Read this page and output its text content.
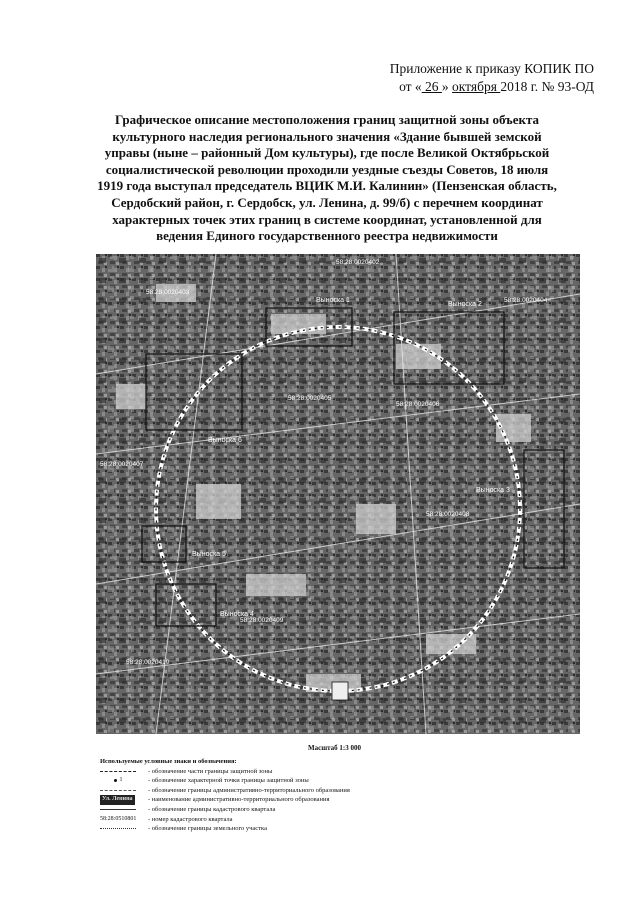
Приложение к приказу КОПИК ПО
от « 26 » октября 2018 г. № 93-ОД
Графическое описание местоположения границ защитной зоны объекта
культурного наследия регионального значения «Здание бывшей земской
управы (ныне – районный Дом культуры), где после Великой Октябрьской
социалистической революции проходили уездные съезды Советов, 18 июля
1919 года выступал председатель ВЦИК М.И. Калинин» (Пензенская область,
Сердобский район, г. Сердобск, ул. Ленина, д. 99/б) с перечнем координат
характерных точек этих границ в системе координат, установленной для
ведения Единого государственного реестра недвижимости
Выноска 1
Выноска 2
Выноска 3
Выноска 4
Выноска 5
Выноска 6
58:28:0020402
58:28:0020403
58:28:0020404
58:28:0020405
58:28:0020406
58:28:0020407
58:28:0020408
58:28:0020409
58:28:0020410
Масштаб 1:3 000
Используемые условные знаки и обозначения:
- обозначение части границы защитной зоны
1	- обозначение характерной точки границы защитной зоны
- обозначение границы административно-территориального образования
Ул. Ленина	- наименование административно-территориального образования
- обозначение границы кадастрового квартала
58:28:0510801 - номер кадастрового квартала
- обозначение границы земельного участка
